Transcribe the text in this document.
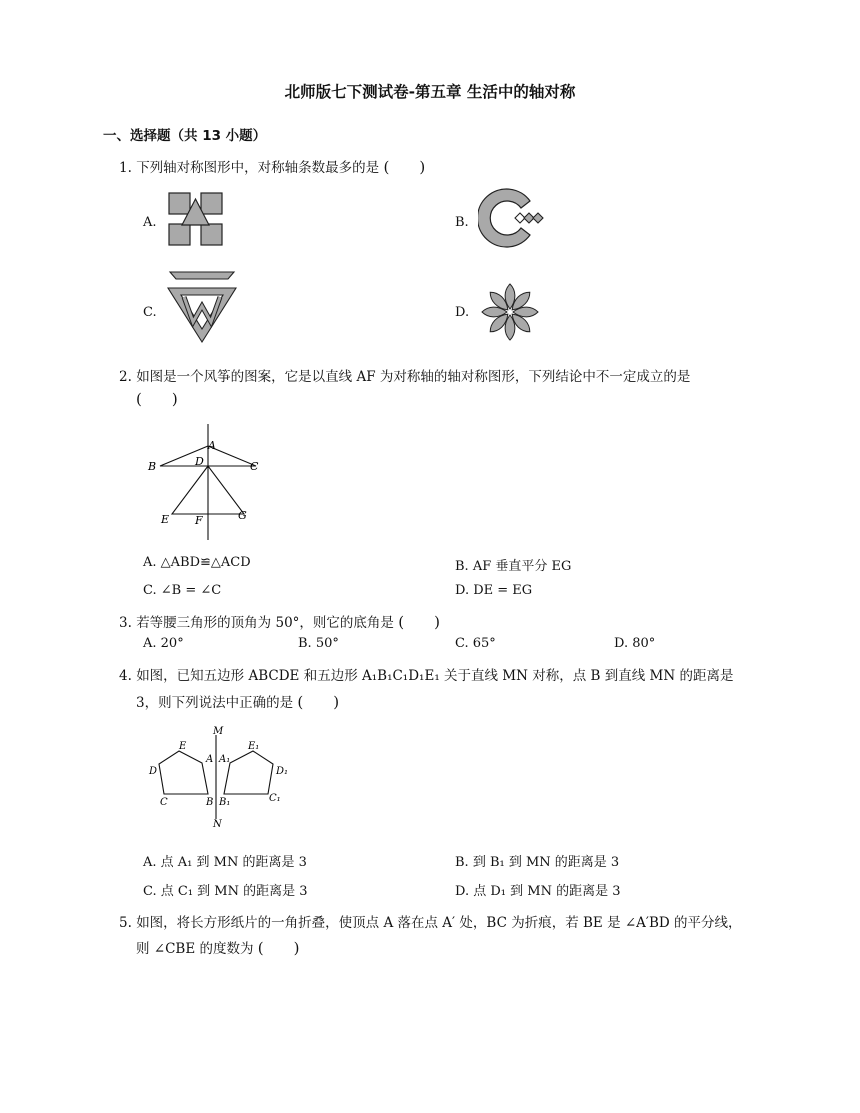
北师版七下测试卷-第五章 生活中的轴对称
一、选择题（共 13 小题）
1. 下列轴对称图形中，对称轴条数最多的是 (　　)
A.	B.
C.	D.
2. 如图是一个风筝的图案，它是以直线 AF 为对称轴的轴对称图形，下列结论中不一定成立的是
(　　)
A
D
B	C
E F	G
A. △ABD≌△ACD	B. AF 垂直平分 EG
C. ∠B = ∠C	D. DE = EG
3. 若等腰三角形的顶角为 50°，则它的底角是 (　　)
A. 20°	B. 50°	C. 65°	D. 80°
4. 如图，已知五边形 ABCDE 和五边形 A₁B₁C₁D₁E₁ 关于直线 MN 对称，点 B 到直线 MN 的距离是
3，则下列说法中正确的是 (　　)
M
N
E
A A₁
E₁
D	D₁
C	C₁
B B₁
A. 点 A₁ 到 MN 的距离是 3	B. 到 B₁ 到 MN 的距离是 3
C. 点 C₁ 到 MN 的距离是 3	D. 点 D₁ 到 MN 的距离是 3
5. 如图，将长方形纸片的一角折叠，使顶点 A 落在点 A′ 处，BC 为折痕，若 BE 是 ∠A′BD 的平分线，
则 ∠CBE 的度数为 (　　)
